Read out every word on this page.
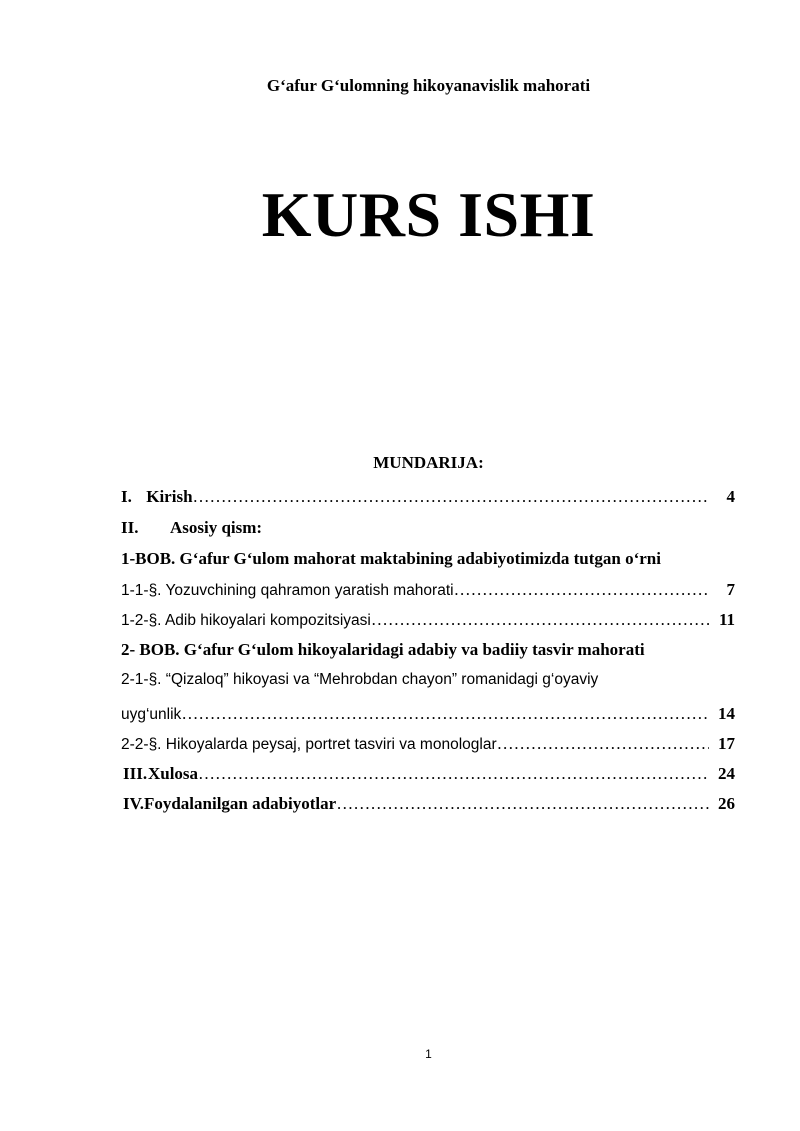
G‘afur G‘ulomning hikoyanavislik mahorati
KURS ISHI
MUNDARIJA:
I. Kirish ……………………………………………………………………………………………………………………………………………………………	4
II.	Asosiy qism:
1-BOB. G‘afur G‘ulom mahorat maktabining adabiyotimizda tutgan o‘rni
1-1-§. Yozuvchining qahramon yaratish mahorati ……………………………………………………………………………………………………………………………………………………………	7
1-2-§. Adib hikoyalari kompozitsiyasi ……………………………………………………………………………………………………………………………………………………………	11
2- BOB. G‘afur G‘ulom hikoyalaridagi adabiy va badiiy tasvir mahorati
2-1-§. “Qizaloq” hikoyasi va “Mehrobdan chayon” romanidagi g‘oyaviy
uyg‘unlik ……………………………………………………………………………………………………………………………………………………………	14
2-2-§. Hikoyalarda peysaj, portret tasviri va monologlar ……………………………………………………………………………………………………………………………………………………………	17
III. Xulosa ……………………………………………………………………………………………………………………………………………………………	24
IV. Foydalanilgan adabiyotlar ……………………………………………………………………………………………………………………………………………………………	26
1
